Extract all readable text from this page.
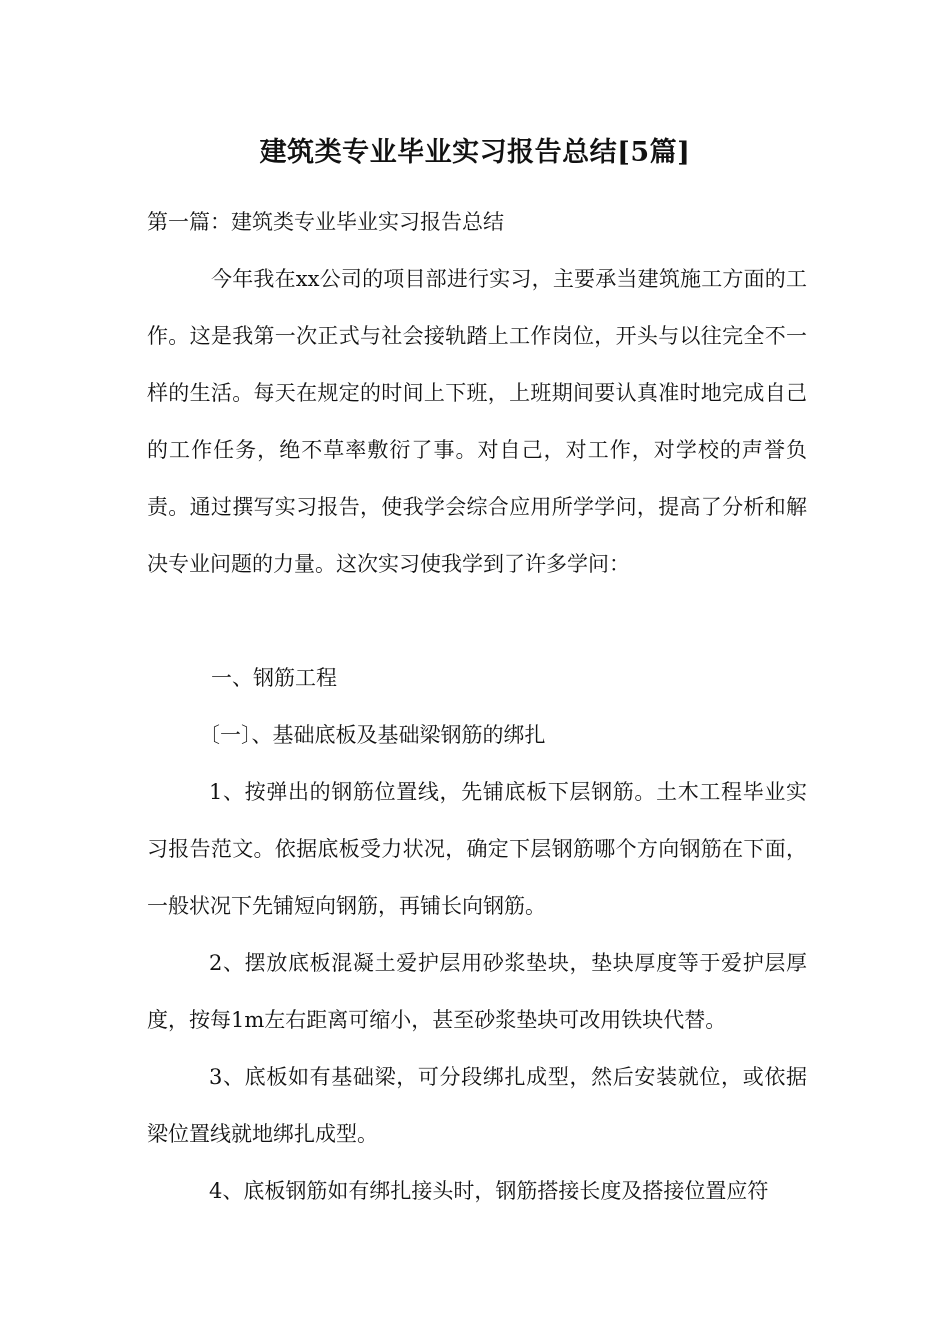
建筑类专业毕业实习报告总结[5篇]
第一篇：建筑类专业毕业实习报告总结

今年我在xx公司的项目部进行实习，主要承当建筑施工方面的工作。这是我第一次正式与社会接轨踏上工作岗位，开头与以往完全不一样的生活。每天在规定的时间上下班，上班期间要认真准时地完成自己的工作任务，绝不草率敷衍了事。对自己，对工作，对学校的声誉负责。通过撰写实习报告，使我学会综合应用所学学问，提高了分析和解决专业问题的力量。这次实习使我学到了许多学问：

一、钢筋工程

〔一〕、基础底板及基础梁钢筋的绑扎

1、按弹出的钢筋位置线，先铺底板下层钢筋。土木工程毕业实习报告范文。依据底板受力状况，确定下层钢筋哪个方向钢筋在下面，一般状况下先铺短向钢筋，再铺长向钢筋。

2、摆放底板混凝土爱护层用砂浆垫块，垫块厚度等于爱护层厚度，按每1m左右距离可缩小，甚至砂浆垫块可改用铁块代替。

3、底板如有基础梁，可分段绑扎成型，然后安装就位，或依据梁位置线就地绑扎成型。

4、底板钢筋如有绑扎接头时，钢筋搭接长度及搭接位置应符
